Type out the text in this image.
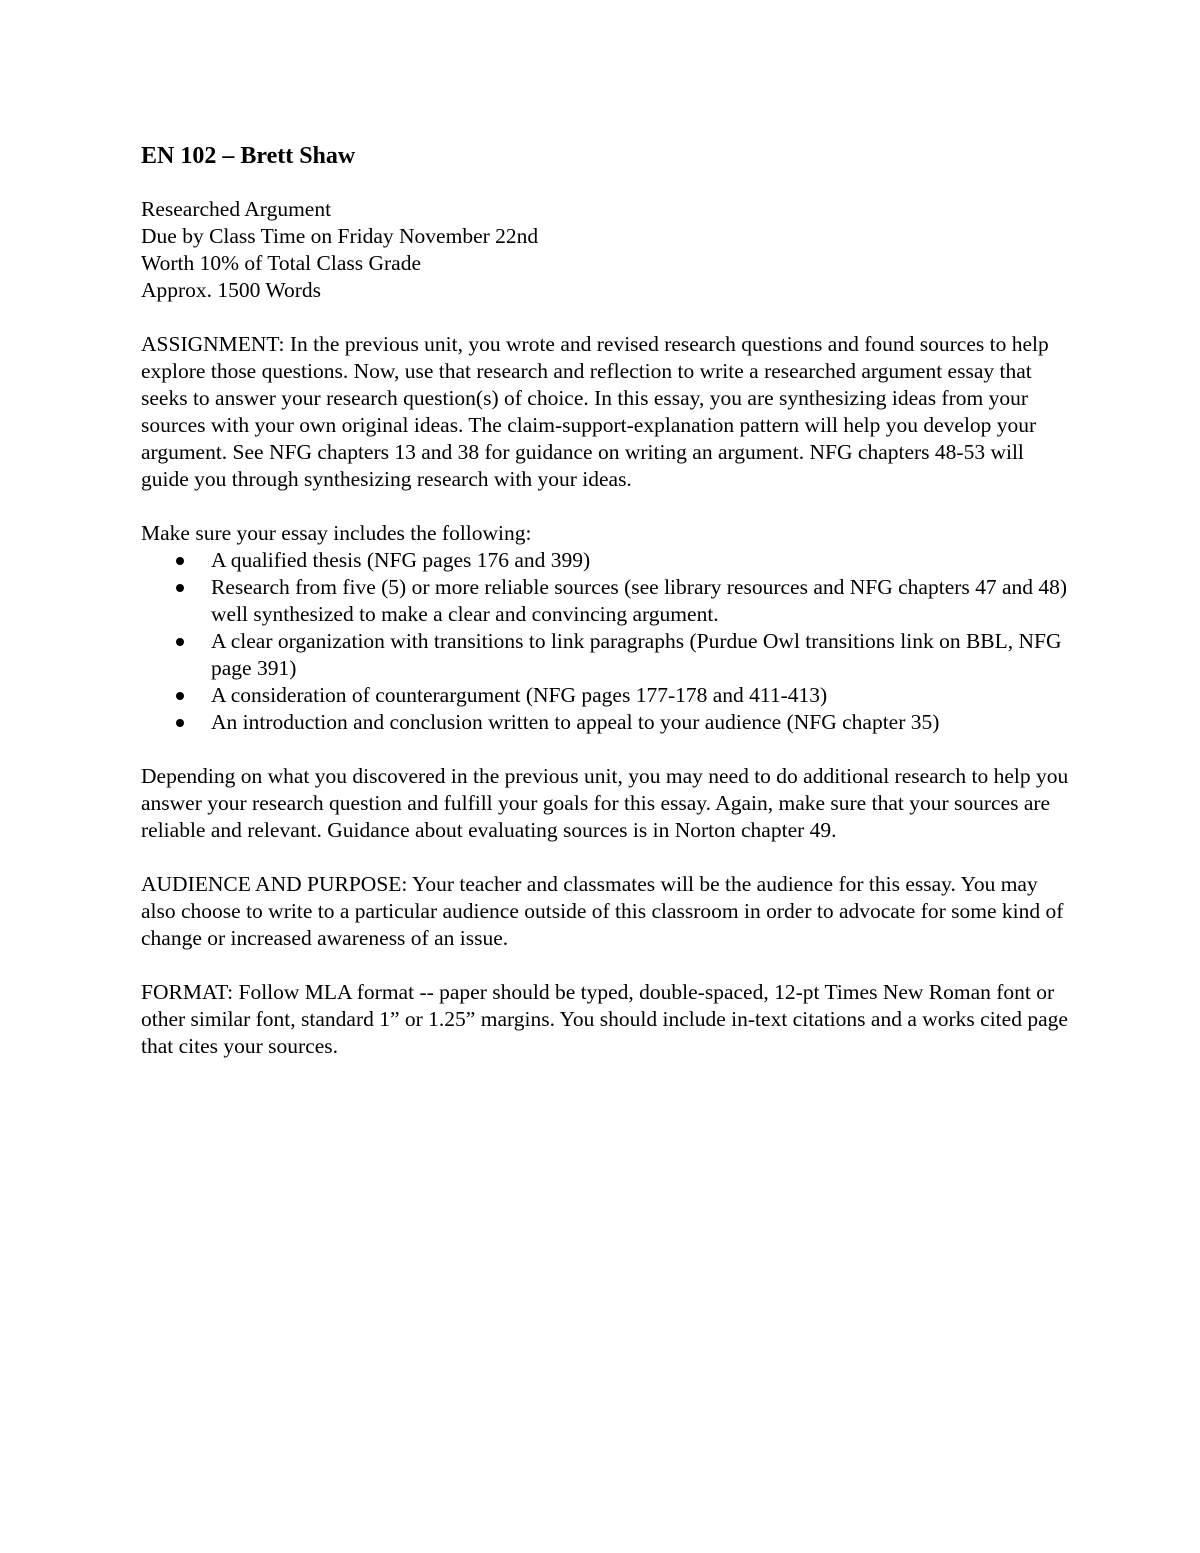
EN 102 – Brett Shaw
Researched Argument
Due by Class Time on Friday November 22nd
Worth 10% of Total Class Grade
Approx. 1500 Words

ASSIGNMENT: In the previous unit, you wrote and revised research questions and found sources to help explore those questions. Now, use that research and reflection to write a researched argument essay that seeks to answer your research question(s) of choice. In this essay, you are synthesizing ideas from your sources with your own original ideas. The claim-support-explanation pattern will help you develop your argument. See NFG chapters 13 and 38 for guidance on writing an argument. NFG chapters 48-53 will guide you through synthesizing research with your ideas.

Make sure your essay includes the following:
A qualified thesis (NFG pages 176 and 399)
Research from five (5) or more reliable sources (see library resources and NFG chapters 47 and 48) well synthesized to make a clear and convincing argument.
A clear organization with transitions to link paragraphs (Purdue Owl transitions link on BBL, NFG page 391)
A consideration of counterargument (NFG pages 177-178 and 411-413)
An introduction and conclusion written to appeal to your audience (NFG chapter 35)

Depending on what you discovered in the previous unit, you may need to do additional research to help you answer your research question and fulfill your goals for this essay. Again, make sure that your sources are reliable and relevant. Guidance about evaluating sources is in Norton chapter 49.

AUDIENCE AND PURPOSE: Your teacher and classmates will be the audience for this essay. You may also choose to write to a particular audience outside of this classroom in order to advocate for some kind of change or increased awareness of an issue.

FORMAT: Follow MLA format -- paper should be typed, double-spaced, 12-pt Times New Roman font or other similar font, standard 1” or 1.25” margins. You should include in-text citations and a works cited page that cites your sources.
